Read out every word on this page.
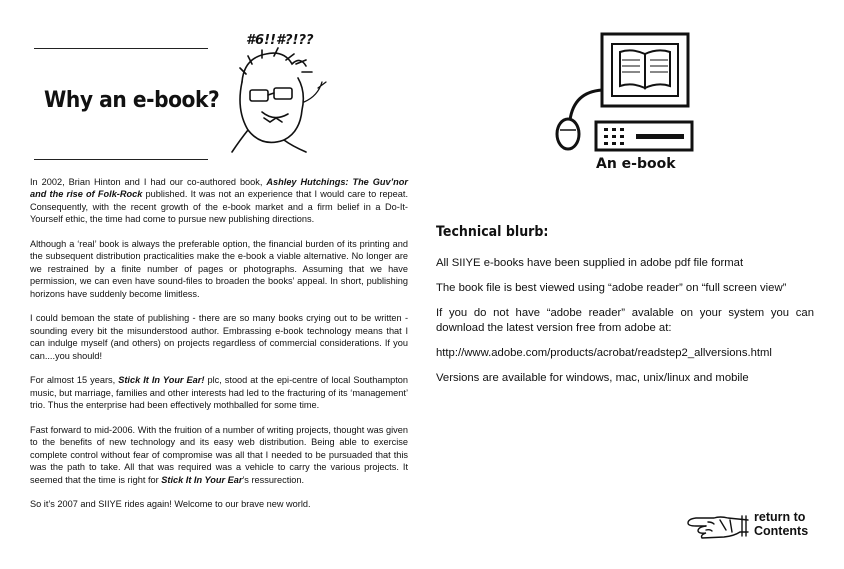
Why an e-book?
#6!!#?!??

In 2002, Brian Hinton and I had our co-authored book, Ashley Hutchings: The Guv’nor and the rise of Folk-Rock published. It was not an experience that I would care to repeat. Consequently, with the recent growth of the e-book market and a firm belief in a Do-It-Yourself ethic, the time had come to pursue new publishing directions.

Although a ‘real’ book is always the preferable option, the financial burden of its printing and the subsequent distribution practicalities make the e-book a viable alternative. No longer are we restrained by a finite number of pages or photographs. Assuming that we have permission, we can even have sound-files to broaden the books’ appeal. In short, publishing horizons have suddenly become limitless.

I could bemoan the state of publishing - there are so many books crying out to be written - sounding every bit the misunderstood author. Embrassing e-book technology means that I can indulge myself (and others) on projects regardless of commercial considerations. If you can....you should!

For almost 15 years, Stick It In Your Ear! plc, stood at the epi-centre of local Southampton music, but marriage, families and other interests had led to the fracturing of its ‘management’ trio. Thus the enterprise had been effectively mothballed for some time.

Fast forward to mid-2006. With the fruition of a number of writing projects, thought was given to the benefits of new technology and its easy web distribution. Being able to exercise complete control without fear of compromise was all that I needed to be pursuaded that this was the path to take. All that was required was a vehicle to carry the various projects. It seemed that the time is right for Stick It In Your Ear’s ressurection.

So it’s 2007 and SIIYE rides again! Welcome to our brave new world.

An e-book
Technical blurb:

All SIIYE e-books have been supplied in adobe pdf file format

The book file is best viewed using “adobe reader” on “full screen view”

If you do not have “adobe reader” avalable on your system you can download the latest version free from adobe at:

http://www.adobe.com/products/acrobat/readstep2_allversions.html

Versions are available for windows, mac, unix/linux and mobile

return to
Contents
